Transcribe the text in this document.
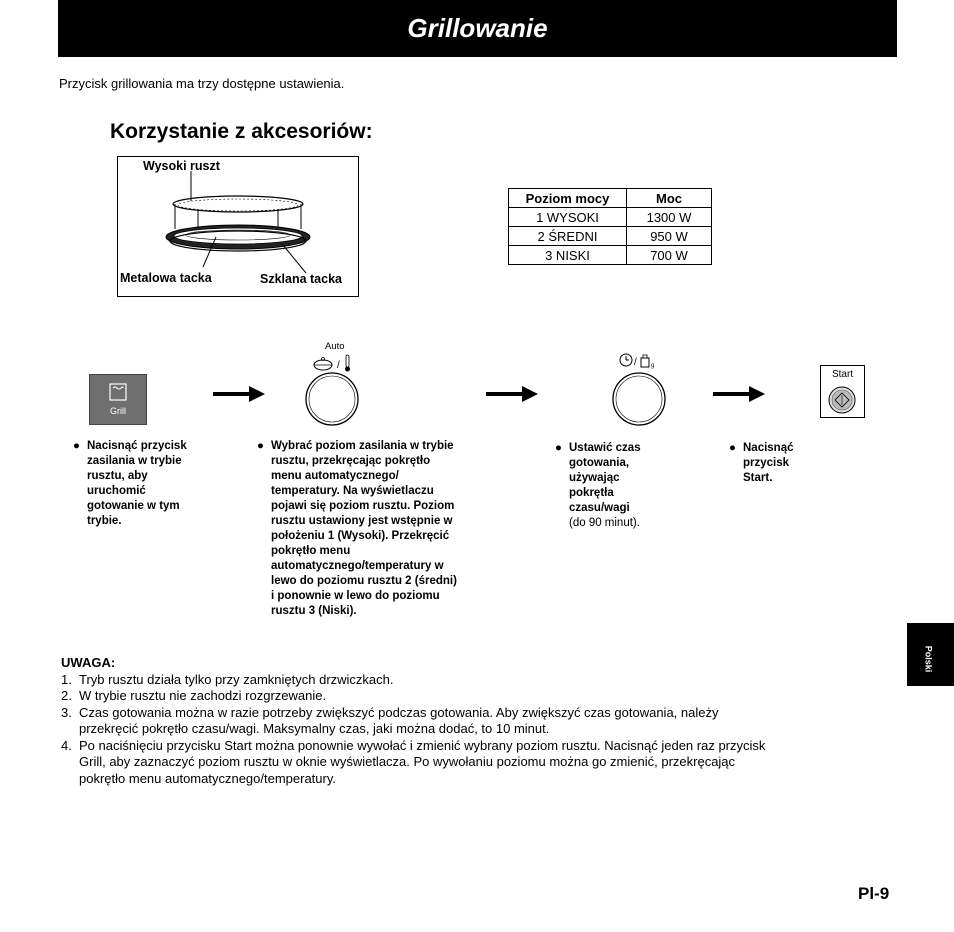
Grillowanie
Przycisk grillowania ma trzy dostępne ustawienia.
Korzystanie z akcesoriów:
Wysoki ruszt
Metalowa tacka	Szklana tacka
Poziom mocy	Moc
1 WYSOKI	1300 W
2 ŚREDNI	950 W
3 NISKI	700 W
Grill
Auto
/	/ g
Start
● Nacisnąć przycisk
zasilania w trybie
rusztu, aby
uruchomić
gotowanie w tym
trybie.
● Wybrać poziom zasilania w trybie
rusztu, przekręcając pokrętło
menu automatycznego/
temperatury. Na wyświetlaczu
pojawi się poziom rusztu. Poziom
rusztu ustawiony jest wstępnie w
położeniu 1 (Wysoki). Przekręcić
pokrętło menu
automatycznego/temperatury w
lewo do poziomu rusztu 2 (średni)
i ponownie w lewo do poziomu
rusztu 3 (Niski).
● Ustawić czas
gotowania,
używając
pokrętła
czasu/wagi
(do 90 minut).
● Nacisnąć
przycisk
Start.
UWAGA:
1. Tryb rusztu działa tylko przy zamkniętych drzwiczkach.
2. W trybie rusztu nie zachodzi rozgrzewanie.
3. Czas gotowania można w razie potrzeby zwiększyć podczas gotowania. Aby zwiększyć czas gotowania, należy
przekręcić pokrętło czasu/wagi. Maksymalny czas, jaki można dodać, to 10 minut.
4. Po naciśnięciu przycisku Start można ponownie wywołać i zmienić wybrany poziom rusztu. Nacisnąć jeden raz przycisk
Grill, aby zaznaczyć poziom rusztu w oknie wyświetlacza. Po wywołaniu poziomu można go zmienić, przekręcając
pokrętło menu automatycznego/temperatury.
Polski
Pl-9
